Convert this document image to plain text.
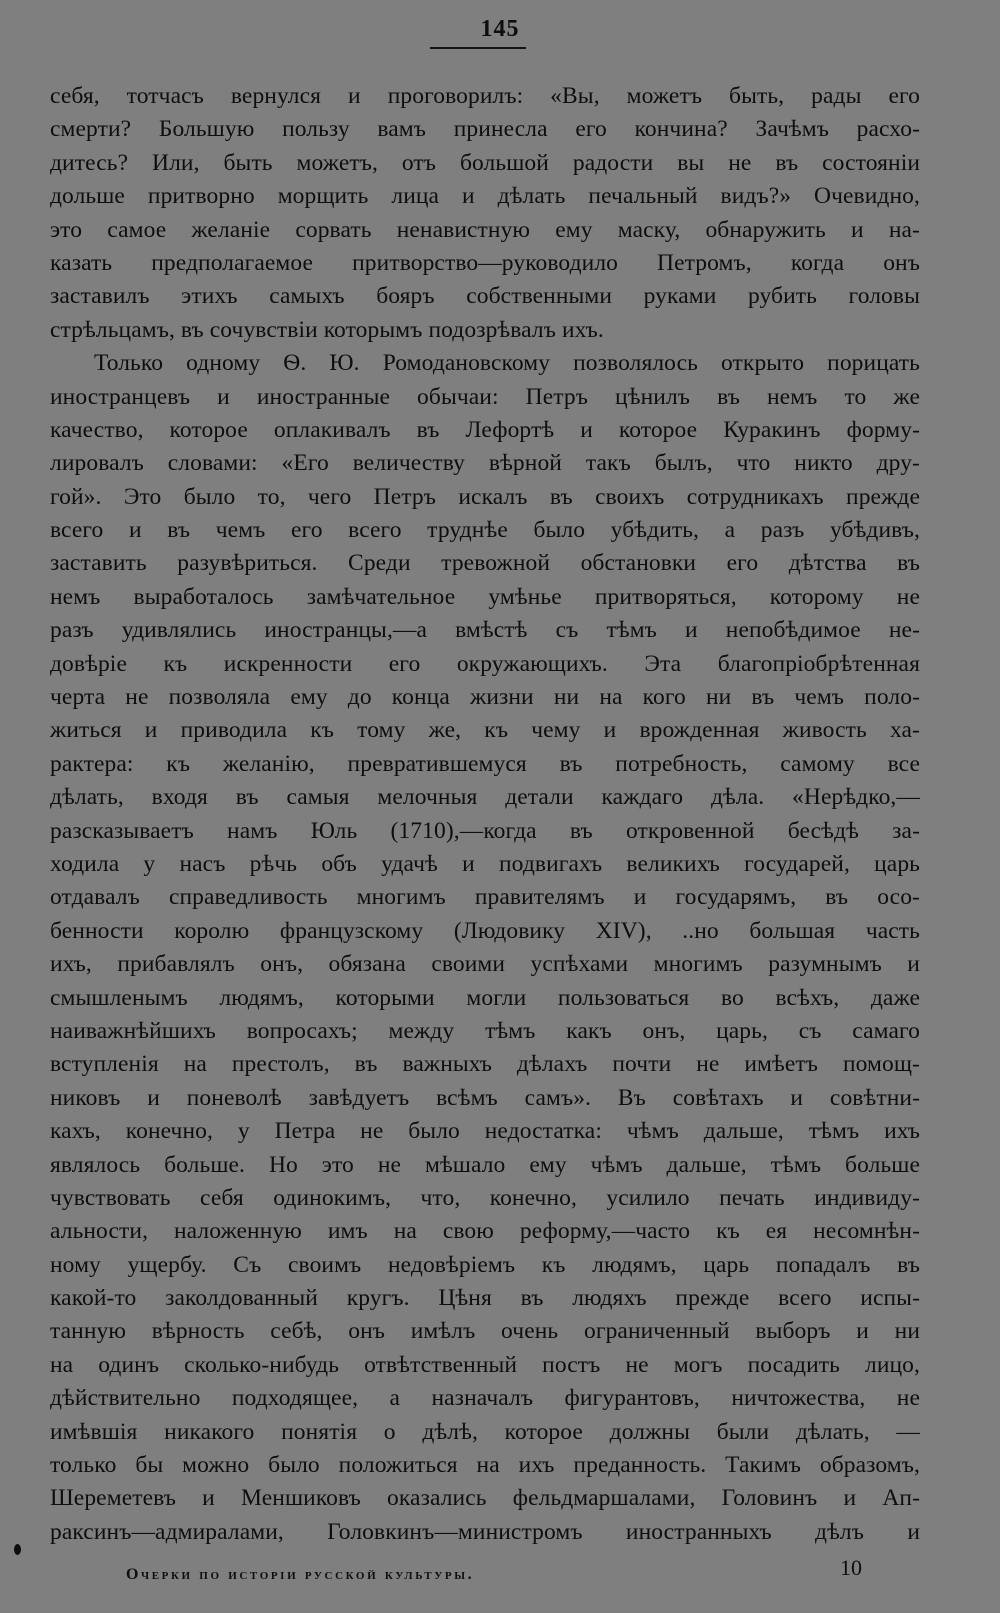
145
себя, тотчасъ вернулся и проговорилъ: «Вы, можетъ быть, рады его
смерти? Большую пользу вамъ принесла его кончина? Зачѣмъ расхо-
дитесь? Или, быть можетъ, отъ большой радости вы не въ состояніи
дольше притворно морщить лица и дѣлать печальный видъ?» Очевидно,
это самое желаніе сорвать ненавистную ему маску, обнаружить и на-
казать предполагаемое притворство—руководило Петромъ, когда онъ
заставилъ этихъ самыхъ бояръ собственными руками рубить головы
стрѣльцамъ, въ сочувствіи которымъ подозрѣвалъ ихъ.
Только одному Ѳ. Ю. Ромодановскому позволялось открыто порицать
иностранцевъ и иностранные обычаи: Петръ цѣнилъ въ немъ то же
качество, которое оплакивалъ въ Лефортѣ и которое Куракинъ форму-
лировалъ словами: «Его величеству вѣрной такъ былъ, что никто дру-
гой». Это было то, чего Петръ искалъ въ своихъ сотрудникахъ прежде
всего и въ чемъ его всего труднѣе было убѣдить, а разъ убѣдивъ,
заставить разувѣриться. Среди тревожной обстановки его дѣтства въ
немъ выработалось замѣчательное умѣнье притворяться, которому не
разъ удивлялись иностранцы,—а вмѣстѣ съ тѣмъ и непобѣдимое не-
довѣріе къ искренности его окружающихъ. Эта благопріобрѣтенная
черта не позволяла ему до конца жизни ни на кого ни въ чемъ поло-
житься и приводила къ тому же, къ чему и врожденная живость ха-
рактера: къ желанію, превратившемуся въ потребность, самому все
дѣлать, входя въ самыя мелочныя детали каждаго дѣла. «Нерѣдко,—
разсказываетъ намъ Юль (1710),—когда въ откровенной бесѣдѣ за-
ходила у насъ рѣчь объ удачѣ и подвигахъ великихъ государей, царь
отдавалъ справедливость многимъ правителямъ и государямъ, въ осо-
бенности королю французскому (Людовику XIV), ..но большая часть
ихъ, прибавлялъ онъ, обязана своими успѣхами многимъ разумнымъ и
смышленымъ людямъ, которыми могли пользоваться во всѣхъ, даже
наиважнѣйшихъ вопросахъ; между тѣмъ какъ онъ, царь, съ самаго
вступленія на престолъ, въ важныхъ дѣлахъ почти не имѣетъ помощ-
никовъ и поневолѣ завѣдуетъ всѣмъ самъ». Въ совѣтахъ и совѣтни-
кахъ, конечно, у Петра не было недостатка: чѣмъ дальше, тѣмъ ихъ
являлось больше. Но это не мѣшало ему чѣмъ дальше, тѣмъ больше
чувствовать себя одинокимъ, что, конечно, усилило печать индивиду-
альности, наложенную имъ на свою реформу,—часто къ ея несомнѣн-
ному ущербу. Съ своимъ недовѣріемъ къ людямъ, царь попадалъ въ
какой-то заколдованный кругъ. Цѣня въ людяхъ прежде всего испы-
танную вѣрность себѣ, онъ имѣлъ очень ограниченный выборъ и ни
на одинъ сколько-нибудь отвѣтственный постъ не могъ посадить лицо,
дѣйствительно подходящее, а назначалъ фигурантовъ, ничтожества, не
имѣвшія никакого понятія о дѣлѣ, которое должны были дѣлать, —
только бы можно было положиться на ихъ преданность. Такимъ образомъ,
Шереметевъ и Меншиковъ оказались фельдмаршалами, Головинъ и Ап-
раксинъ—адмиралами, Головкинъ—министромъ иностранныхъ дѣлъ и
Очерки по исторіи русской культуры.	10
